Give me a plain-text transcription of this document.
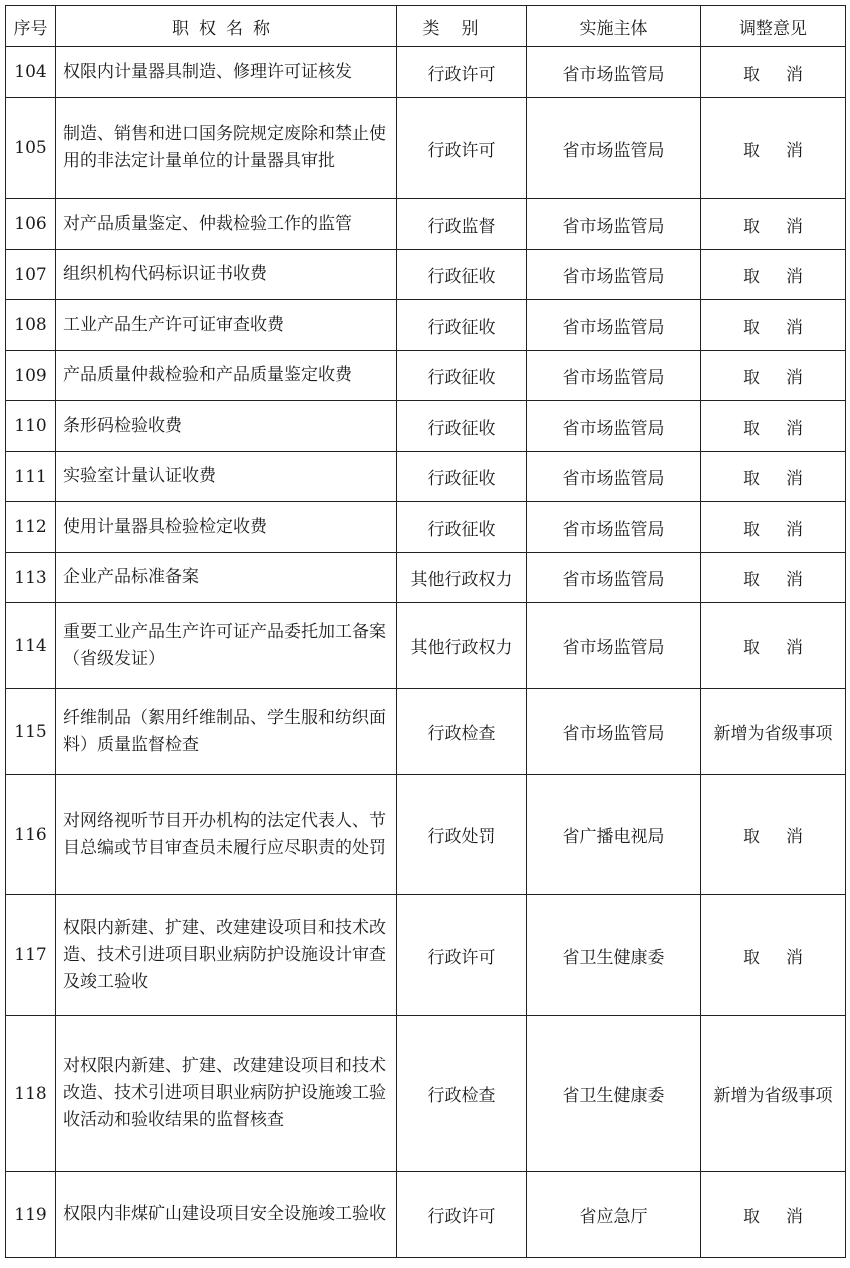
序号	职权名称	类别	实施主体	调整意见
104	权限内计量器具制造、修理许可证核发	行政许可	省市场监管局	取消
105	制造、销售和进口国务院规定废除和禁止使用的非法定计量单位的计量器具审批	行政许可	省市场监管局	取消
106	对产品质量鉴定、仲裁检验工作的监管	行政监督	省市场监管局	取消
107	组织机构代码标识证书收费	行政征收	省市场监管局	取消
108	工业产品生产许可证审查收费	行政征收	省市场监管局	取消
109	产品质量仲裁检验和产品质量鉴定收费	行政征收	省市场监管局	取消
110	条形码检验收费	行政征收	省市场监管局	取消
111	实验室计量认证收费	行政征收	省市场监管局	取消
112	使用计量器具检验检定收费	行政征收	省市场监管局	取消
113	企业产品标准备案	其他行政权力	省市场监管局	取消
114	重要工业产品生产许可证产品委托加工备案（省级发证）	其他行政权力	省市场监管局	取消
115	纤维制品（絮用纤维制品、学生服和纺织面料）质量监督检查	行政检查	省市场监管局	新增为省级事项
116	对网络视听节目开办机构的法定代表人、节目总编或节目审查员未履行应尽职责的处罚	行政处罚	省广播电视局	取消
117	权限内新建、扩建、改建建设项目和技术改造、技术引进项目职业病防护设施设计审查及竣工验收	行政许可	省卫生健康委	取消
118	对权限内新建、扩建、改建建设项目和技术改造、技术引进项目职业病防护设施竣工验收活动和验收结果的监督核查	行政检查	省卫生健康委	新增为省级事项
119	权限内非煤矿山建设项目安全设施竣工验收	行政许可	省应急厅	取消
